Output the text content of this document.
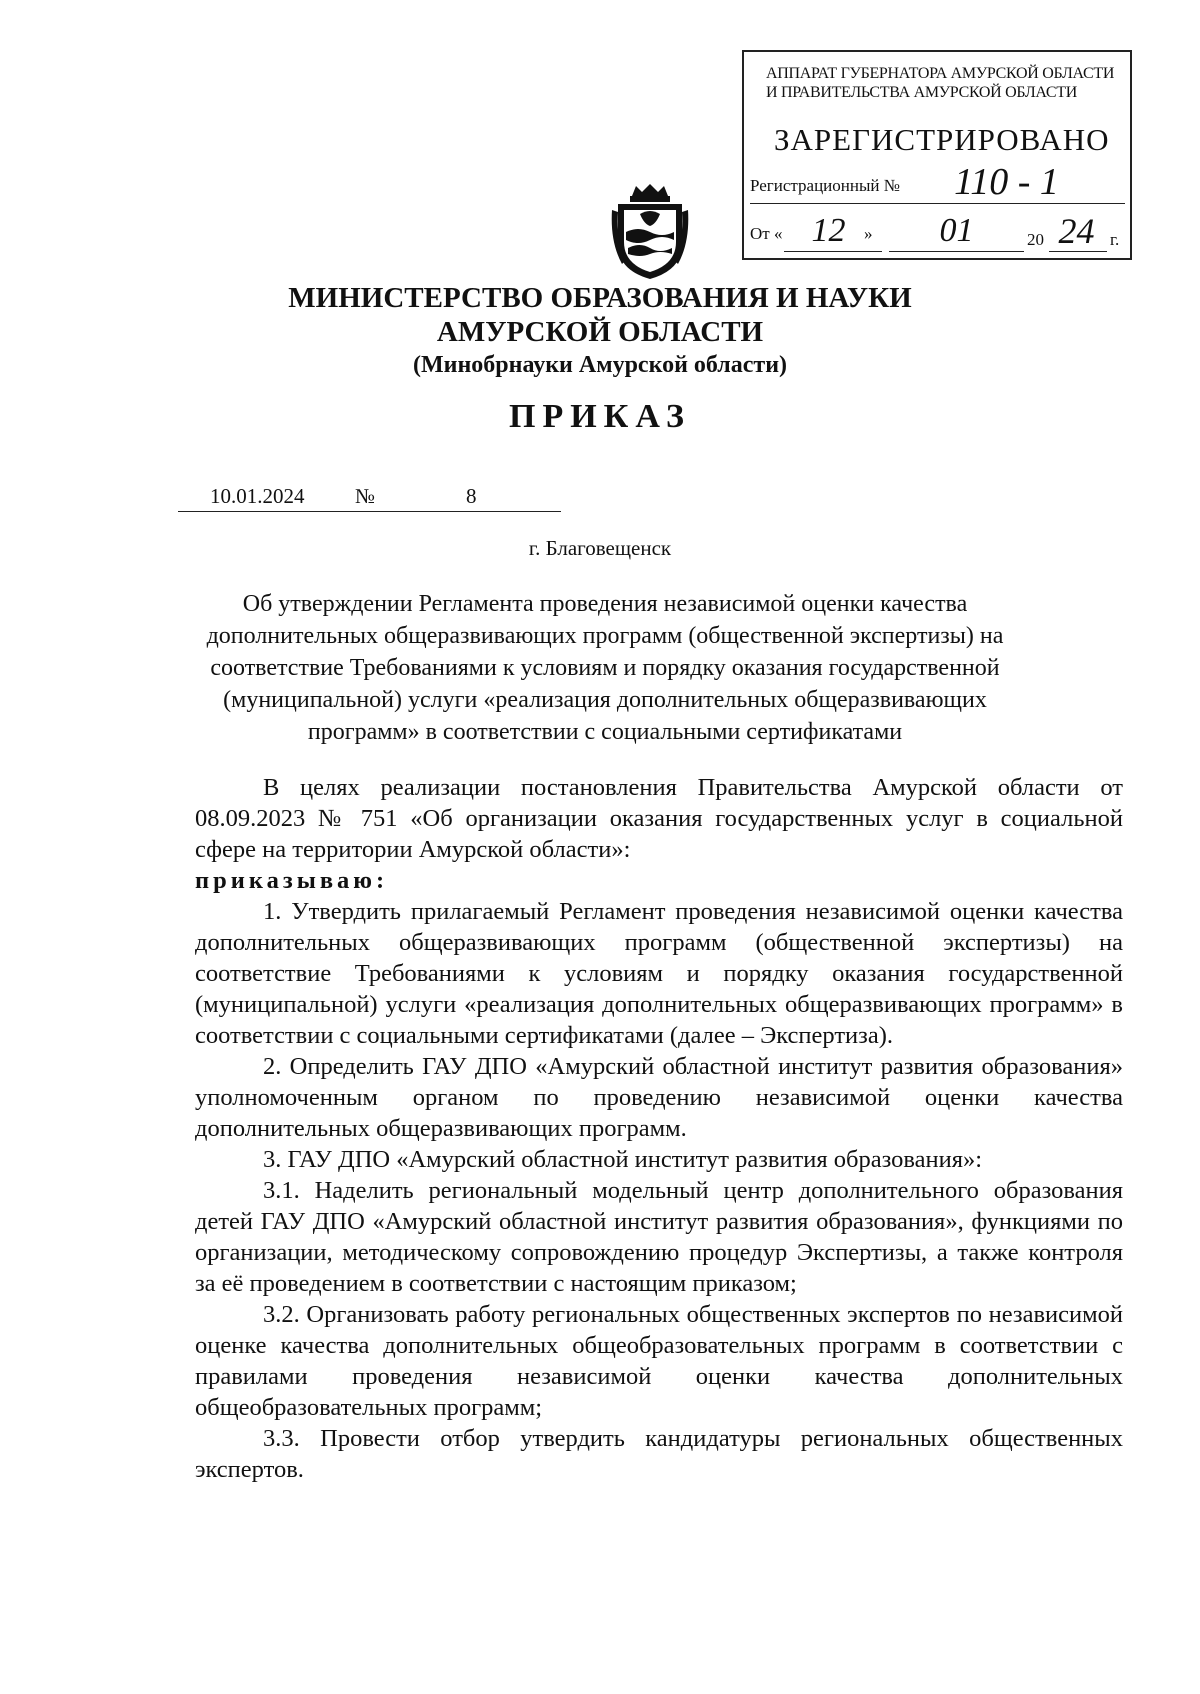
АППАРАТ ГУБЕРНАТОРА АМУРСКОЙ ОБЛАСТИ
И ПРАВИТЕЛЬСТВА АМУРСКОЙ ОБЛАСТИ
ЗАРЕГИСТРИРОВАНО
Регистрационный № 110 - 1
От « 12	»	01	20 24 г.
МИНИСТЕРСТВО ОБРАЗОВАНИЯ И НАУКИ
АМУРСКОЙ ОБЛАСТИ
(Минобрнауки Амурской области)
ПРИКАЗ
10.01.2024 №	8
г. Благовещенск
Об утверждении Регламента проведения независимой оценки качества дополнительных общеразвивающих программ (общественной экспертизы) на соответствие Требованиями к условиям и порядку оказания государственной (муниципальной) услуги «реализация дополнительных общеразвивающих программ» в соответствии с социальными сертификатами

В целях реализации постановления Правительства Амурской области от 08.09.2023 № 751 «Об организации оказания государственных услуг в социальной сфере на территории Амурской области»:

приказываю:

1. Утвердить прилагаемый Регламент проведения независимой оценки качества дополнительных общеразвивающих программ (общественной экспертизы) на соответствие Требованиями к условиям и порядку оказания государственной (муниципальной) услуги «реализация дополнительных общеразвивающих программ» в соответствии с социальными сертификатами (далее – Экспертиза).

2. Определить ГАУ ДПО «Амурский областной институт развития образования» уполномоченным органом по проведению независимой оценки качества дополнительных общеразвивающих программ.

3. ГАУ ДПО «Амурский областной институт развития образования»:

3.1. Наделить региональный модельный центр дополнительного образования детей ГАУ ДПО «Амурский областной институт развития образования», функциями по организации, методическому сопровождению процедур Экспертизы, а также контроля за её проведением в соответствии с настоящим приказом;

3.2. Организовать работу региональных общественных экспертов по независимой оценке качества дополнительных общеобразовательных программ в соответствии с правилами проведения независимой оценки качества дополнительных общеобразовательных программ;

3.3. Провести отбор утвердить кандидатуры региональных общественных экспертов.
